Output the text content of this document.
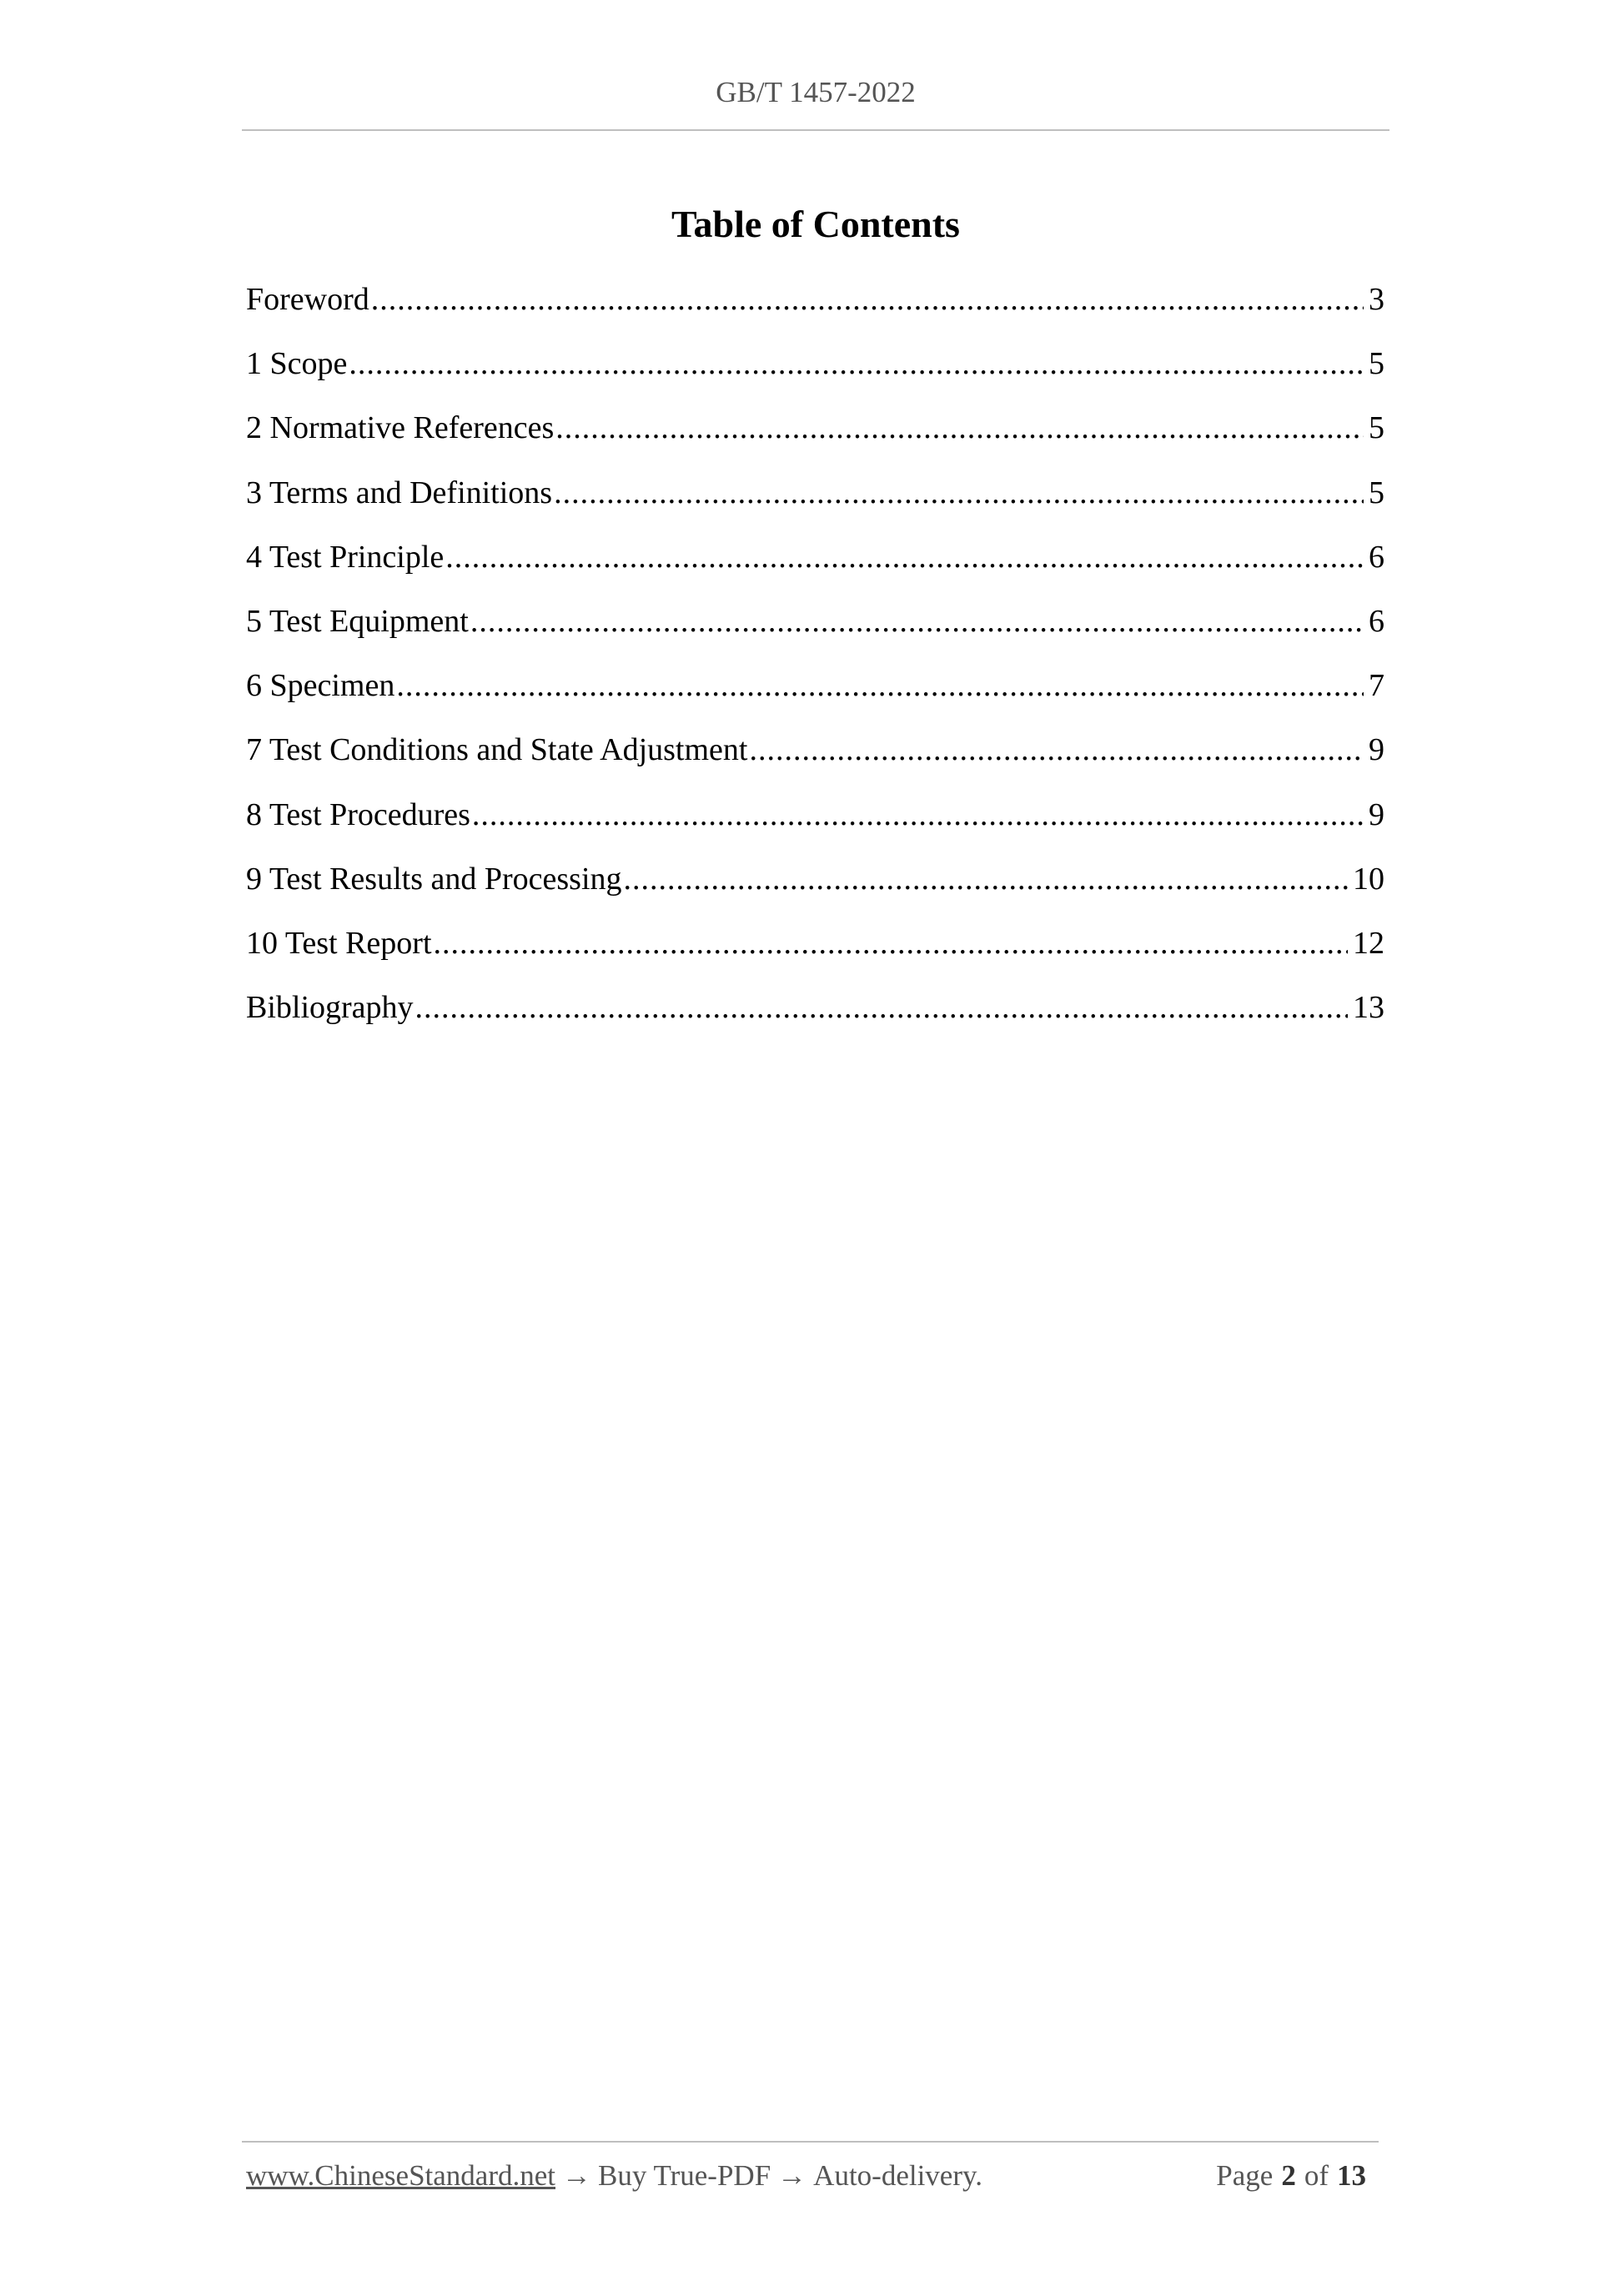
GB/T 1457-2022
Table of Contents
Foreword .....	3
1 Scope .....	5
2 Normative References .....	5
3 Terms and Definitions .....	5
4 Test Principle .....	6
5 Test Equipment .....	6
6 Specimen .....	7
7 Test Conditions and State Adjustment .....	9
8 Test Procedures .....	9
9 Test Results and Processing .....	10
10 Test Report .....	12
Bibliography .....	13
www.ChineseStandard.net → Buy True-PDF → Auto-delivery.	Page 2 of 13
